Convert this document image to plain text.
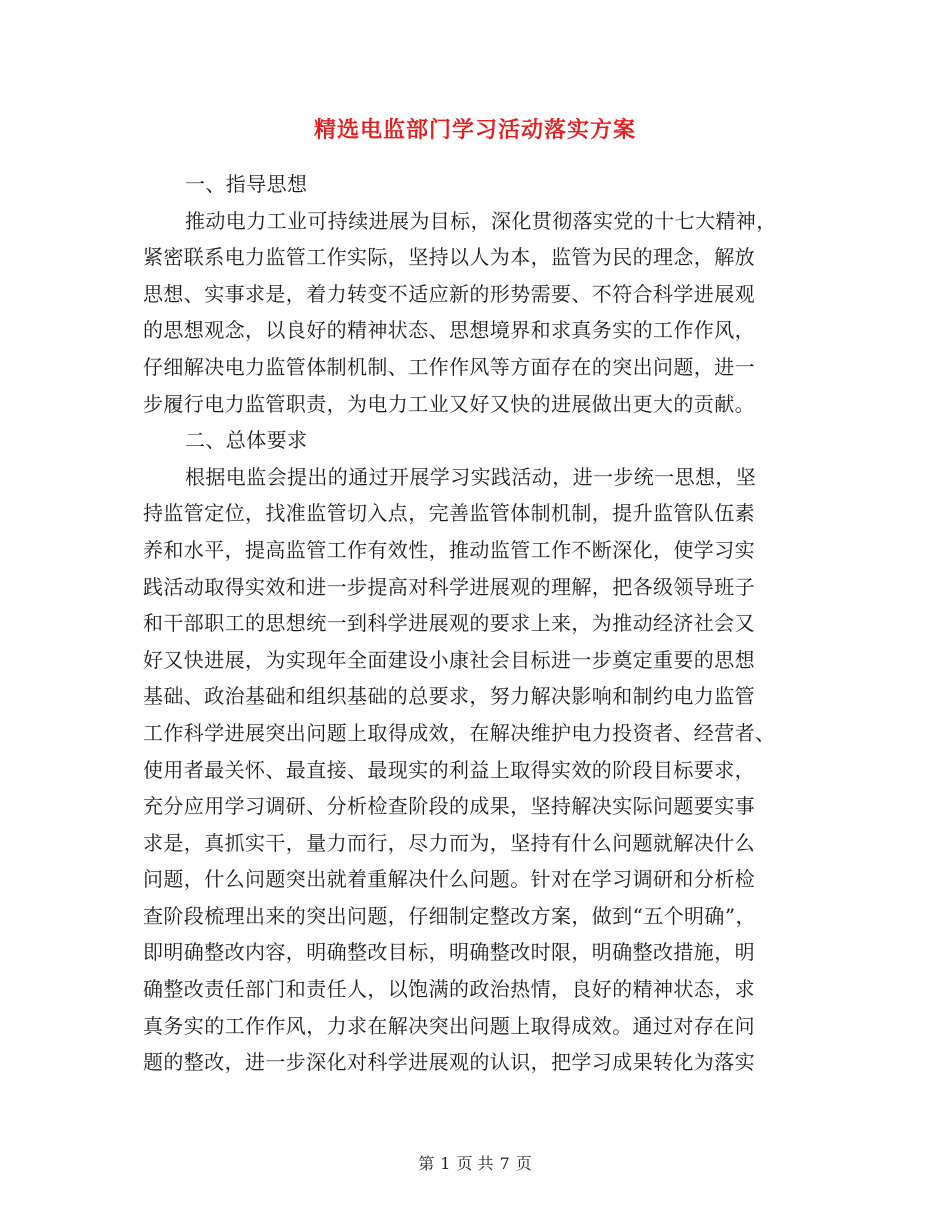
精选电监部门学习活动落实方案
一、指导思想
推动电力工业可持续进展为目标，深化贯彻落实党的十七大精神，
紧密联系电力监管工作实际，坚持以人为本，监管为民的理念，解放
思想、实事求是，着力转变不适应新的形势需要、不符合科学进展观
的思想观念，以良好的精神状态、思想境界和求真务实的工作作风，
仔细解决电力监管体制机制、工作作风等方面存在的突出问题，进一
步履行电力监管职责，为电力工业又好又快的进展做出更大的贡献。
二、总体要求
根据电监会提出的通过开展学习实践活动，进一步统一思想，坚
持监管定位，找准监管切入点，完善监管体制机制，提升监管队伍素
养和水平，提高监管工作有效性，推动监管工作不断深化，使学习实
践活动取得实效和进一步提高对科学进展观的理解，把各级领导班子
和干部职工的思想统一到科学进展观的要求上来，为推动经济社会又
好又快进展，为实现年全面建设小康社会目标进一步奠定重要的思想
基础、政治基础和组织基础的总要求，努力解决影响和制约电力监管
工作科学进展突出问题上取得成效，在解决维护电力投资者、经营者、
使用者最关怀、最直接、最现实的利益上取得实效的阶段目标要求，
充分应用学习调研、分析检查阶段的成果，坚持解决实际问题要实事
求是，真抓实干，量力而行，尽力而为，坚持有什么问题就解决什么
问题，什么问题突出就着重解决什么问题。针对在学习调研和分析检
查阶段梳理出来的突出问题，仔细制定整改方案，做到“五个明确”，
即明确整改内容，明确整改目标，明确整改时限，明确整改措施，明
确整改责任部门和责任人，以饱满的政治热情，良好的精神状态，求
真务实的工作作风，力求在解决突出问题上取得成效。通过对存在问
题的整改，进一步深化对科学进展观的认识，把学习成果转化为落实
第 1 页 共 7 页
